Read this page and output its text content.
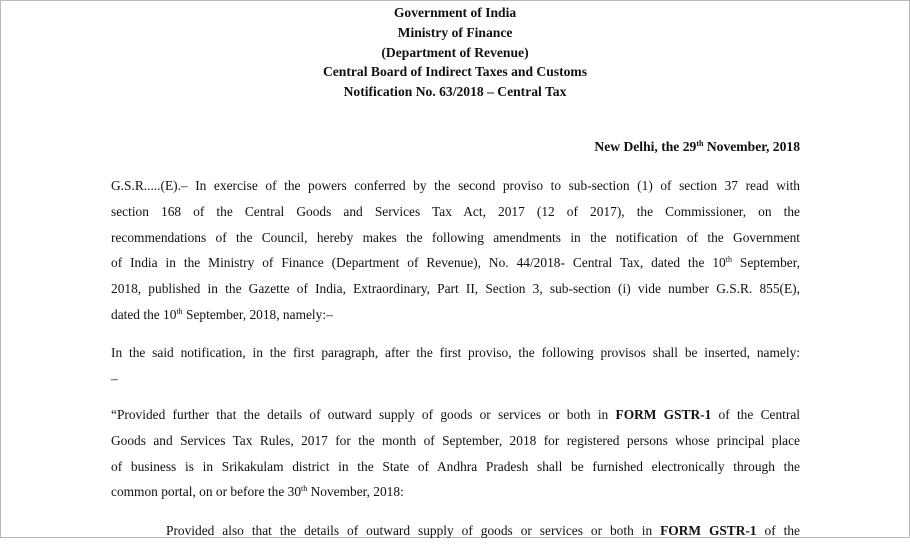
Government of India
Ministry of Finance
(Department of Revenue)
Central Board of Indirect Taxes and Customs
Notification No. 63/2018 – Central Tax
New Delhi, the 29th November, 2018
G.S.R.....(E).– In exercise of the powers conferred by the second proviso to sub-section (1) of section 37 read with
section 168 of the Central Goods and Services Tax Act, 2017 (12 of 2017), the Commissioner, on the
recommendations of the Council, hereby makes the following amendments in the notification of the Government
of India in the Ministry of Finance (Department of Revenue), No. 44/2018- Central Tax, dated the 10th September,
2018, published in the Gazette of India, Extraordinary, Part II, Section 3, sub-section (i) vide number G.S.R. 855(E),
dated the 10th September, 2018, namely:–
In the said notification, in the first paragraph, after the first proviso, the following provisos shall be inserted, namely:
–
“Provided further that the details of outward supply of goods or services or both in FORM GSTR-1 of the Central
Goods and Services Tax Rules, 2017 for the month of September, 2018 for registered persons whose principal place
of business is in Srikakulam district in the State of Andhra Pradesh shall be furnished electronically through the
common portal, on or before the 30th November, 2018:
Provided also that the details of outward supply of goods or services or both in FORM GSTR-1 of the
